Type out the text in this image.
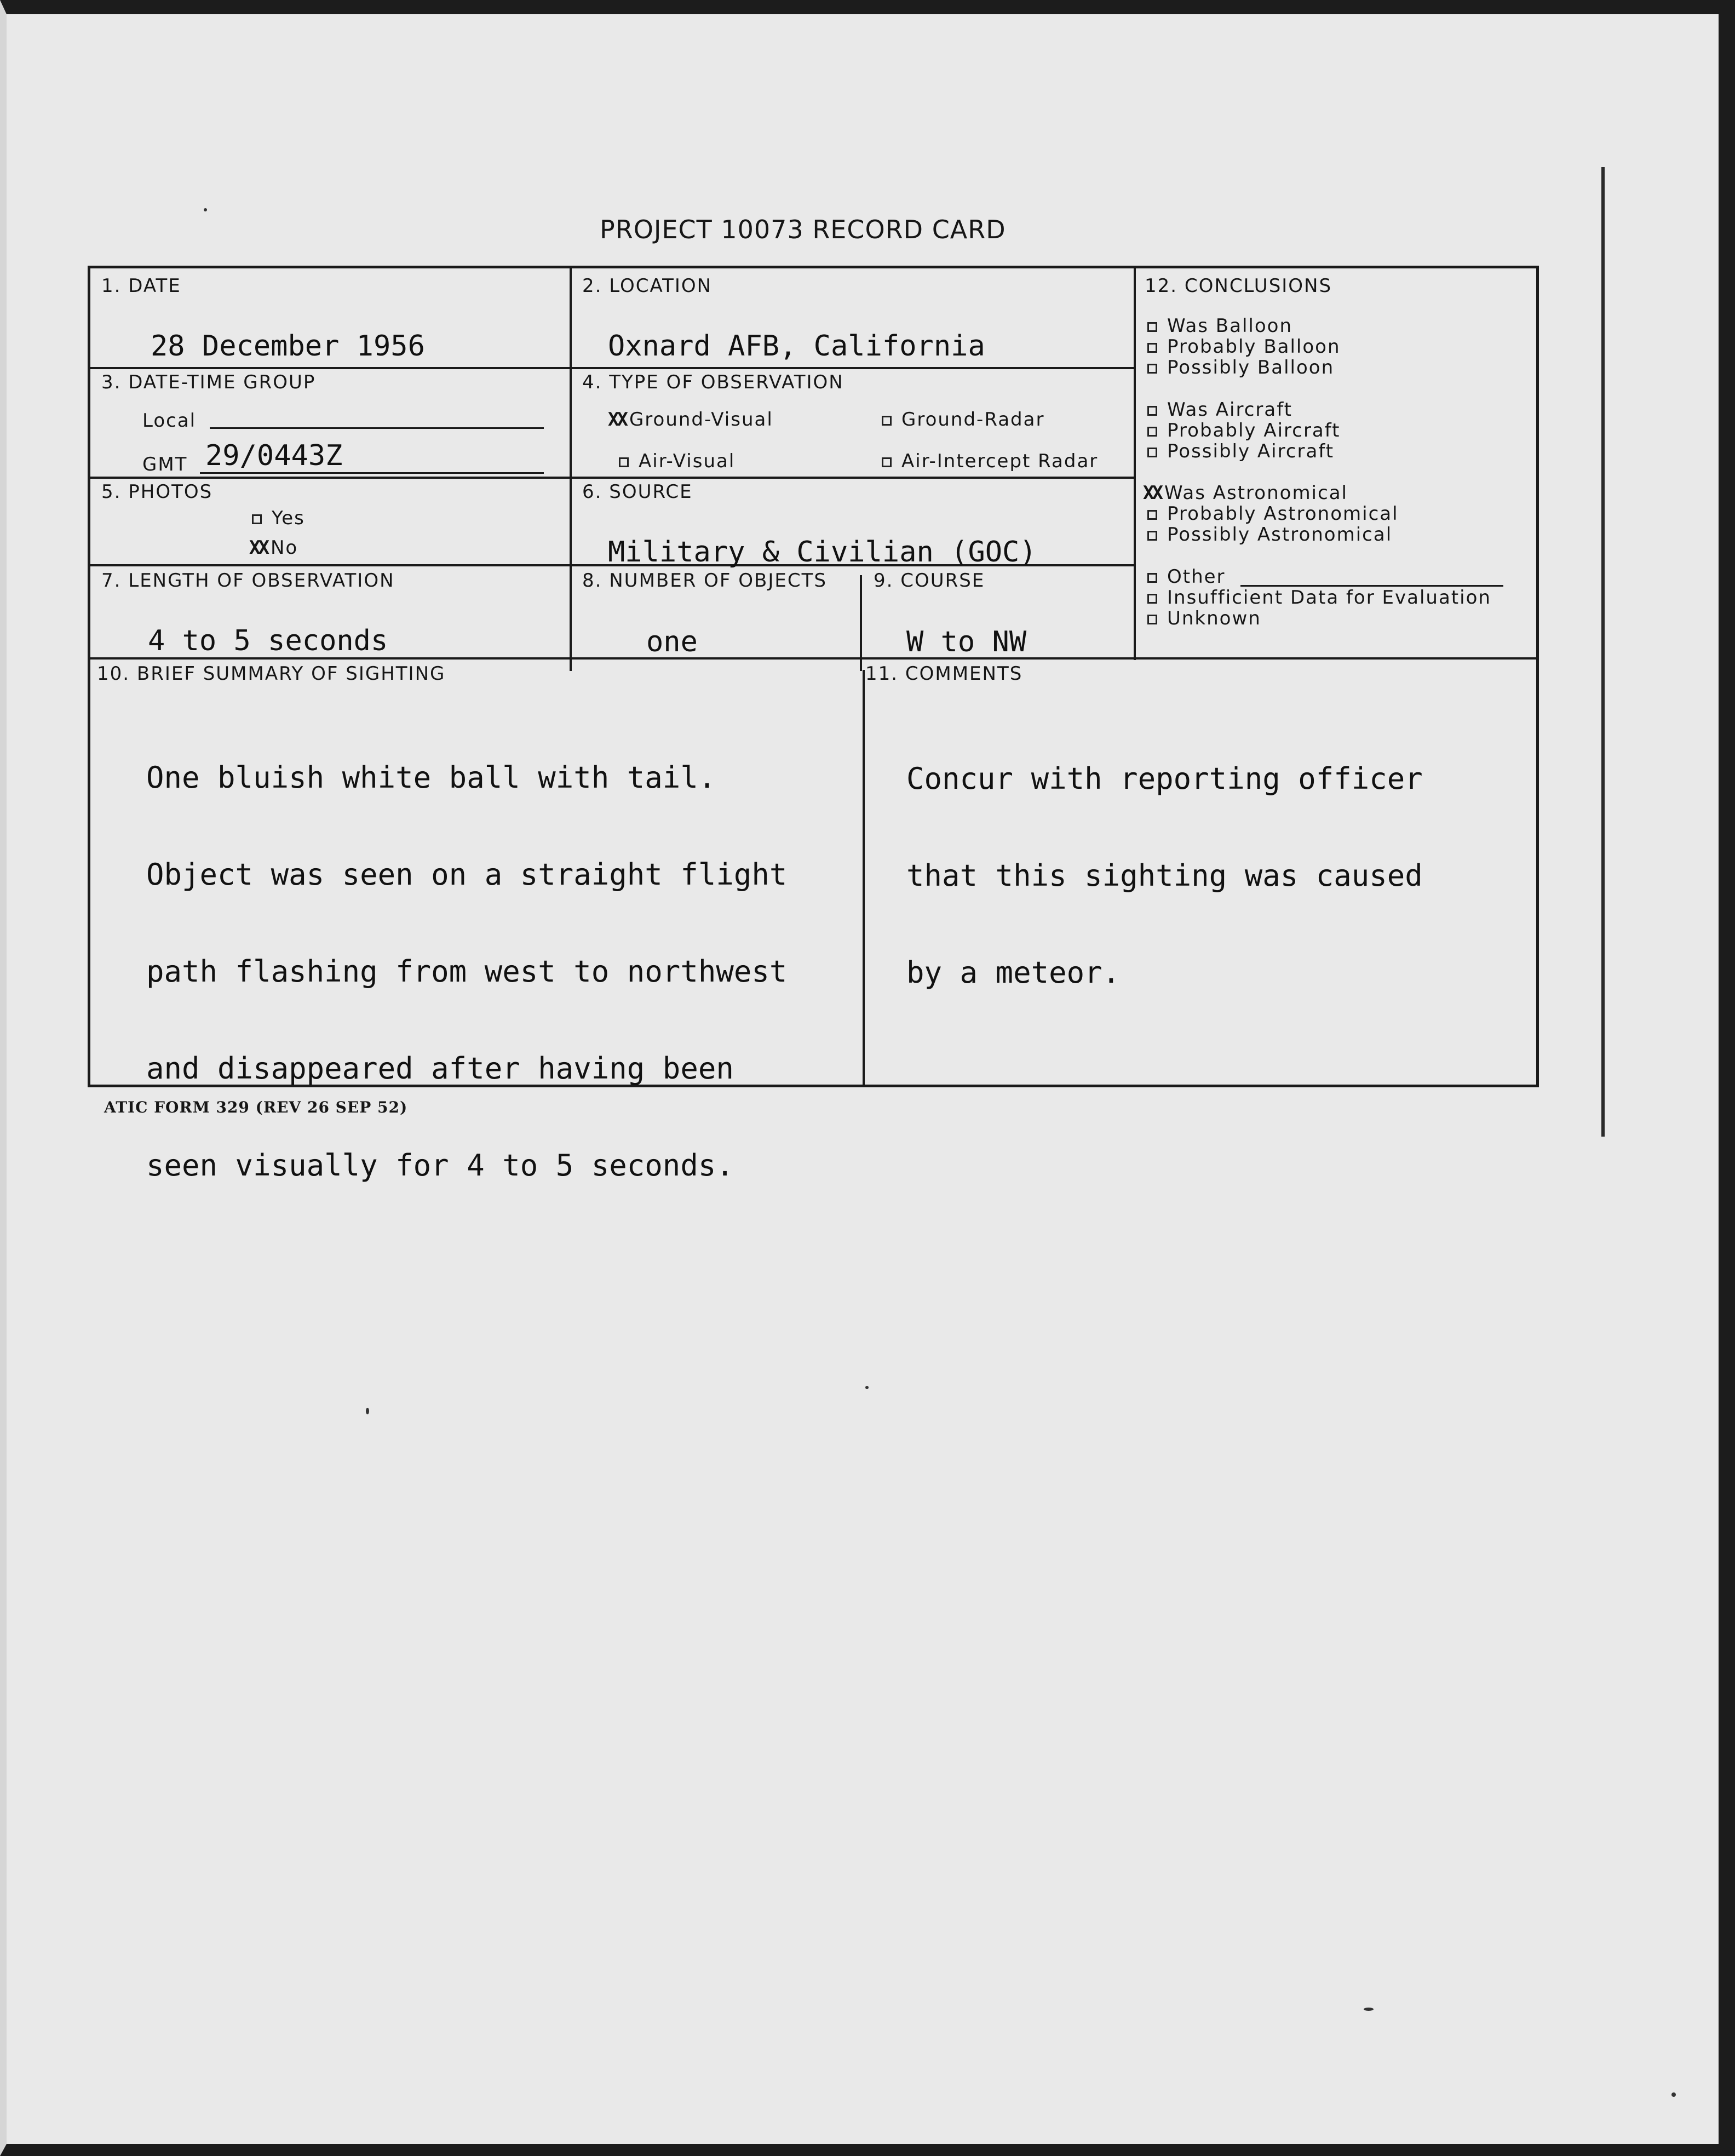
PROJECT 10073 RECORD CARD
1. DATE
28 December 1956
2. LOCATION
Oxnard AFB, California
3. DATE-TIME GROUP
Local
GMT 29/0443Z
4. TYPE OF OBSERVATION
XX Ground-Visual	Ground-Radar
Air-Visual	Air-Intercept Radar
5. PHOTOS
Yes
XX No
6. SOURCE
Military & Civilian (GOC)
7. LENGTH OF OBSERVATION
4 to 5 seconds
8. NUMBER OF OBJECTS
one
9. COURSE
W to NW
10. BRIEF SUMMARY OF SIGHTING

One bluish white ball with tail.

Object was seen on a straight flight

path flashing from west to northwest

and disappeared after having been

seen visually for 4 to 5 seconds.

11. COMMENTS

Concur with reporting officer

that this sighting was caused

by a meteor.

12. CONCLUSIONS
Was Balloon
Probably Balloon
Possibly Balloon
Was Aircraft
Probably Aircraft
Possibly Aircraft
XX Was Astronomical
Probably Astronomical
Possibly Astronomical
Other
Insufficient Data for Evaluation
Unknown
ATIC FORM 329 (REV 26 SEP 52)
